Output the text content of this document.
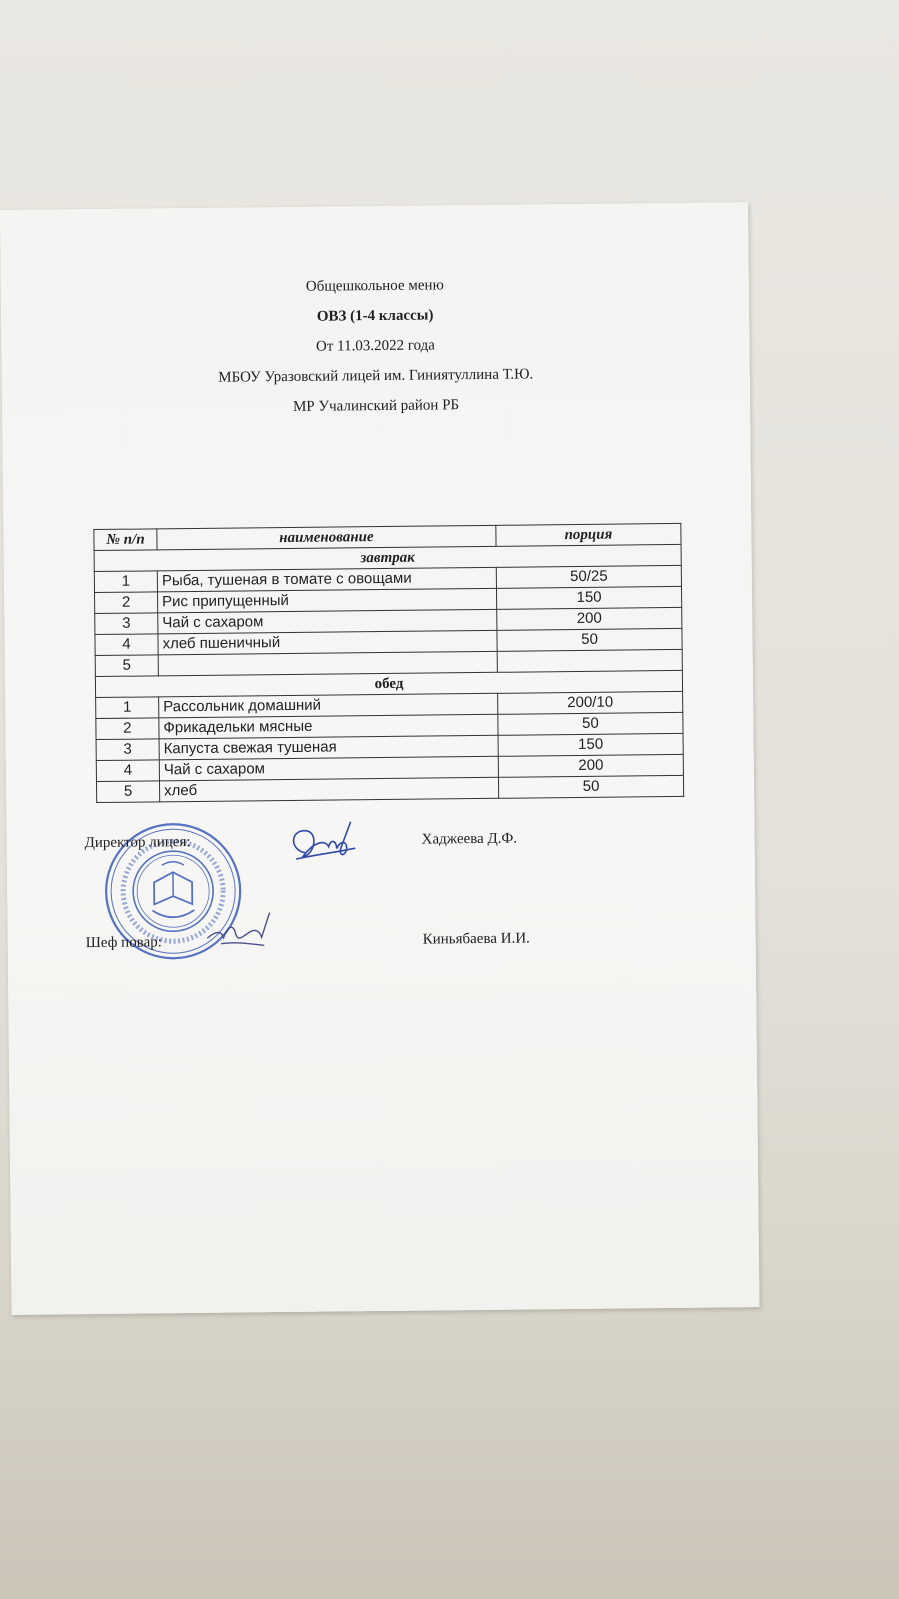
Общешкольное меню
ОВЗ (1-4 классы)
От 11.03.2022 года
МБОУ Уразовский лицей им. Гиниятуллина Т.Ю.
МР Учалинский район РБ
№ п/п	наименование	порция
завтрак		
1	Рыба, тушеная в томате с овощами	50/25
2	Рис припущенный	150
3	Чай с сахаром	200
4	хлеб пшеничный	50
5		
обед		
1	Рассольник домашний	200/10
2	Фрикадельки мясные	50
3	Капуста свежая тушеная	150
4	Чай с сахаром	200
5	хлеб	50
Директор лицея:	Хаджеева Д.Ф.
Шеф повар:	Киньябаева И.И.
